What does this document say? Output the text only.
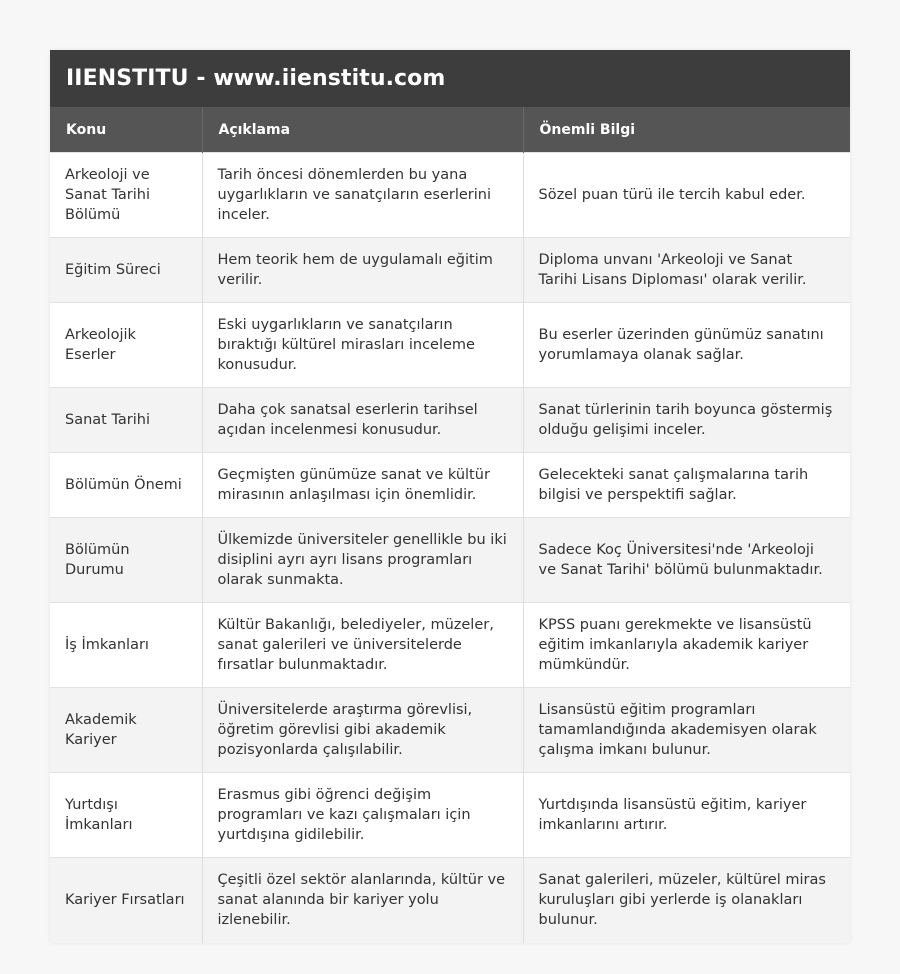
IIENSTITU - www.iienstitu.com
Konu	Açıklama	Önemli Bilgi
Arkeoloji ve Sanat Tarihi Bölümü	Tarih öncesi dönemlerden bu yana uygarlıkların ve sanatçıların eserlerini inceler.	Sözel puan türü ile tercih kabul eder.
Eğitim Süreci	Hem teorik hem de uygulamalı eğitim verilir.	Diploma unvanı 'Arkeoloji ve Sanat Tarihi Lisans Diploması' olarak verilir.
Arkeolojik Eserler	Eski uygarlıkların ve sanatçıların bıraktığı kültürel mirasları inceleme konusudur.	Bu eserler üzerinden günümüz sanatını yorumlamaya olanak sağlar.
Sanat Tarihi	Daha çok sanatsal eserlerin tarihsel açıdan incelenmesi konusudur.	Sanat türlerinin tarih boyunca göstermiş olduğu gelişimi inceler.
Bölümün Önemi	Geçmişten günümüze sanat ve kültür mirasının anlaşılması için önemlidir.	Gelecekteki sanat çalışmalarına tarih bilgisi ve perspektifi sağlar.
Bölümün Durumu	Ülkemizde üniversiteler genellikle bu iki disiplini ayrı ayrı lisans programları olarak sunmakta.	Sadece Koç Üniversitesi'nde 'Arkeoloji ve Sanat Tarihi' bölümü bulunmaktadır.
İş İmkanları	Kültür Bakanlığı, belediyeler, müzeler, sanat galerileri ve üniversitelerde fırsatlar bulunmaktadır.	KPSS puanı gerekmekte ve lisansüstü eğitim imkanlarıyla akademik kariyer mümkündür.
Akademik Kariyer	Üniversitelerde araştırma görevlisi, öğretim görevlisi gibi akademik pozisyonlarda çalışılabilir.	Lisansüstü eğitim programları tamamlandığında akademisyen olarak çalışma imkanı bulunur.
Yurtdışı İmkanları	Erasmus gibi öğrenci değişim programları ve kazı çalışmaları için yurtdışına gidilebilir.	Yurtdışında lisansüstü eğitim, kariyer imkanlarını artırır.
Kariyer Fırsatları	Çeşitli özel sektör alanlarında, kültür ve sanat alanında bir kariyer yolu izlenebilir.	Sanat galerileri, müzeler, kültürel miras kuruluşları gibi yerlerde iş olanakları bulunur.
